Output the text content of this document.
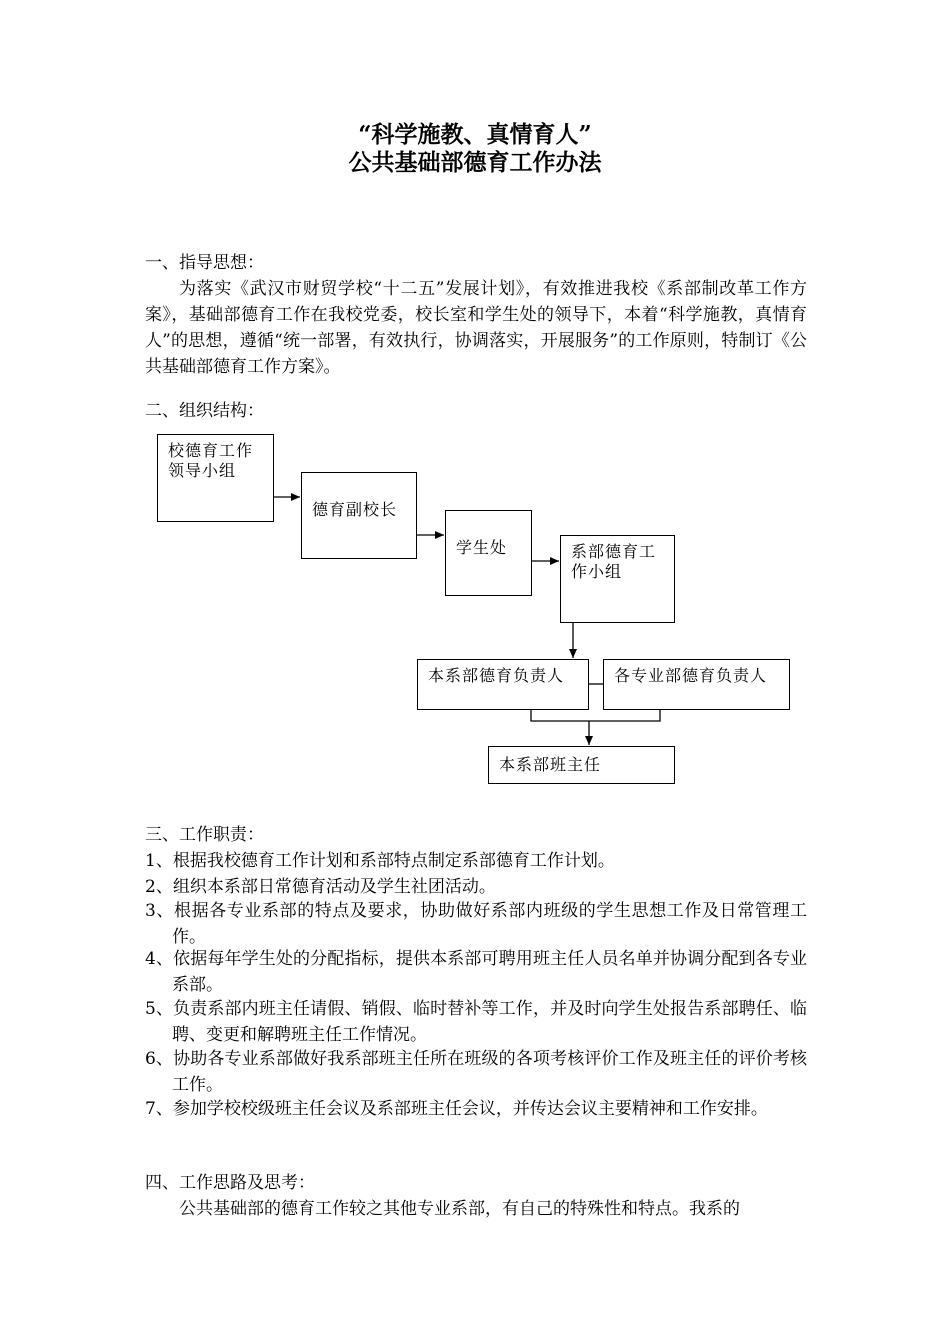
“科学施教、真情育人”
公共基础部德育工作办法
一、指导思想：
为落实《武汉市财贸学校“十二五”发展计划》，有效推进我校《系部制改革工作方案》，基础部德育工作在我校党委，校长室和学生处的领导下，本着“科学施教，真情育人”的思想，遵循“统一部署，有效执行，协调落实，开展服务”的工作原则，特制订《公共基础部德育工作方案》。
二、组织结构：
校德育工作领导小组
德育副校长
学生处	系部德育工作小组
本系部德育负责人	各专业部德育负责人
本系部班主任
三、工作职责：
1、根据我校德育工作计划和系部特点制定系部德育工作计划。
2、组织本系部日常德育活动及学生社团活动。
3、根据各专业系部的特点及要求，协助做好系部内班级的学生思想工作及日常管理工作。
4、依据每年学生处的分配指标，提供本系部可聘用班主任人员名单并协调分配到各专业系部。
5、负责系部内班主任请假、销假、临时替补等工作，并及时向学生处报告系部聘任、临聘、变更和解聘班主任工作情况。
6、协助各专业系部做好我系部班主任所在班级的各项考核评价工作及班主任的评价考核工作。
7、参加学校校级班主任会议及系部班主任会议，并传达会议主要精神和工作安排。
四、工作思路及思考：
公共基础部的德育工作较之其他专业系部，有自己的特殊性和特点。我系的
